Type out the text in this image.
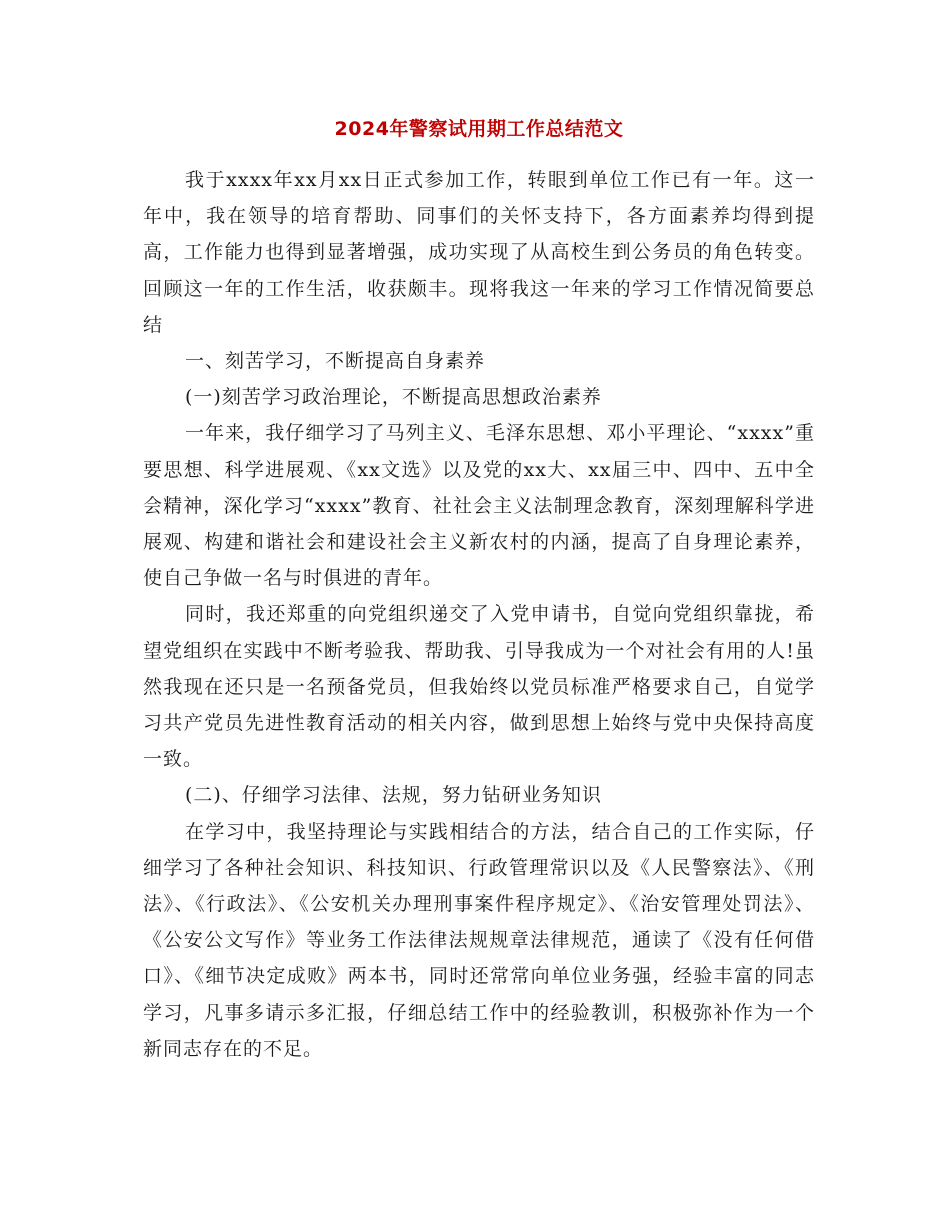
2024年警察试用期工作总结范文

我于xxxx年xx月xx日正式参加工作，转眼到单位工作已有一年。这一年中，我在领导的培育帮助、同事们的关怀支持下，各方面素养均得到提高，工作能力也得到显著增强，成功实现了从高校生到公务员的角色转变。回顾这一年的工作生活，收获颇丰。现将我这一年来的学习工作情况简要总结

一、刻苦学习，不断提高自身素养

(一)刻苦学习政治理论，不断提高思想政治素养

一年来，我仔细学习了马列主义、毛泽东思想、邓小平理论、“xxxx”重要思想、科学进展观、《xx文选》以及党的xx大、xx届三中、四中、五中全会精神，深化学习“xxxx”教育、社社会主义法制理念教育，深刻理解科学进展观、构建和谐社会和建设社会主义新农村的内涵，提高了自身理论素养，使自己争做一名与时俱进的青年。

同时，我还郑重的向党组织递交了入党申请书，自觉向党组织靠拢，希望党组织在实践中不断考验我、帮助我、引导我成为一个对社会有用的人!虽然我现在还只是一名预备党员，但我始终以党员标准严格要求自己，自觉学习共产党员先进性教育活动的相关内容，做到思想上始终与党中央保持高度一致。

(二)、仔细学习法律、法规，努力钻研业务知识

在学习中，我坚持理论与实践相结合的方法，结合自己的工作实际，仔细学习了各种社会知识、科技知识、行政管理常识以及《人民警察法》、《刑法》、《行政法》、《公安机关办理刑事案件程序规定》、《治安管理处罚法》、《公安公文写作》等业务工作法律法规规章法律规范，通读了《没有任何借口》、《细节决定成败》两本书，同时还常常向单位业务强，经验丰富的同志学习，凡事多请示多汇报，仔细总结工作中的经验教训，积极弥补作为一个新同志存在的不足。
